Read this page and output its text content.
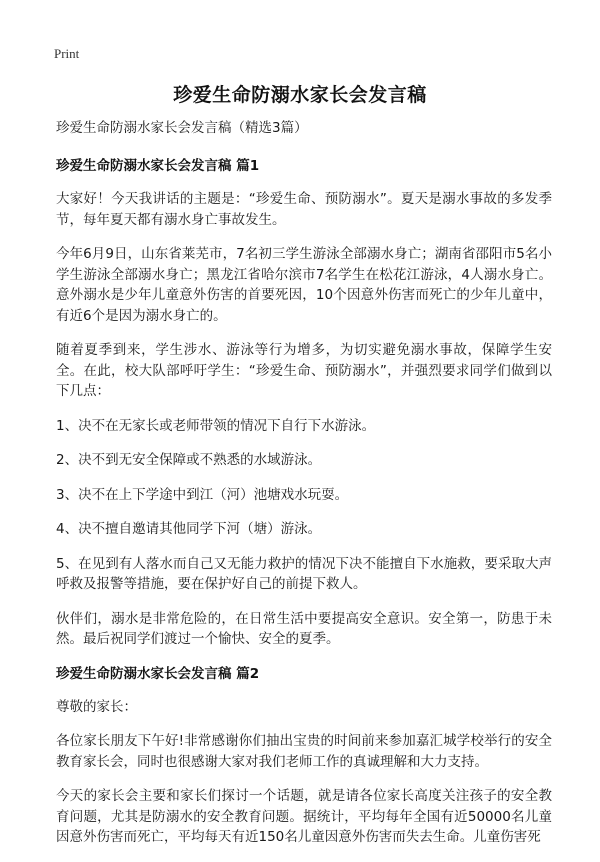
Print
珍爱生命防溺水家长会发言稿

珍爱生命防溺水家长会发言稿（精选3篇）

珍爱生命防溺水家长会发言稿 篇1

大家好！今天我讲话的主题是：“珍爱生命、预防溺水”。夏天是溺水事故的多发季节，每年夏天都有溺水身亡事故发生。

今年6月9日，山东省莱芜市，7名初三学生游泳全部溺水身亡；湖南省邵阳市5名小学生游泳全部溺水身亡；黑龙江省哈尔滨市7名学生在松花江游泳，4人溺水身亡。意外溺水是少年儿童意外伤害的首要死因，10个因意外伤害而死亡的少年儿童中，有近6个是因为溺水身亡的。

随着夏季到来，学生涉水、游泳等行为增多，为切实避免溺水事故，保障学生安全。在此，校大队部呼吁学生：“珍爱生命、预防溺水”，并强烈要求同学们做到以下几点：

1、决不在无家长或老师带领的情况下自行下水游泳。

2、决不到无安全保障或不熟悉的水域游泳。

3、决不在上下学途中到江（河）池塘戏水玩耍。

4、决不擅自邀请其他同学下河（塘）游泳。

5、在见到有人落水而自己又无能力救护的情况下决不能擅自下水施救，要采取大声呼救及报警等措施，要在保护好自己的前提下救人。

伙伴们，溺水是非常危险的，在日常生活中要提高安全意识。安全第一，防患于未然。最后祝同学们渡过一个愉快、安全的夏季。

珍爱生命防溺水家长会发言稿 篇2

尊敬的家长：

各位家长朋友下午好!非常感谢你们抽出宝贵的时间前来参加嘉汇城学校举行的安全教育家长会，同时也很感谢大家对我们老师工作的真诚理解和大力支持。

今天的家长会主要和家长们探讨一个话题，就是请各位家长高度关注孩子的安全教育问题，尤其是防溺水的安全教育问题。据统计，平均每年全国有近50000名儿童因意外伤害而死亡，平均每天有近150名儿童因意外伤害而失去生命。儿童伤害死
